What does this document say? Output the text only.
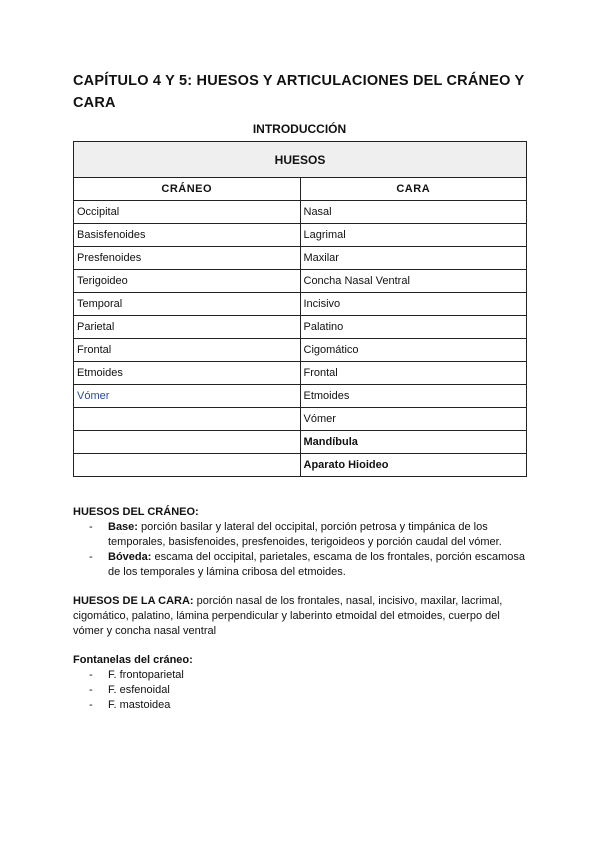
CAPÍTULO 4 Y 5: HUESOS Y ARTICULACIONES DEL CRÁNEO Y CARA
INTRODUCCIÓN
HUESOS	
CRÁNEO	CARA
Occipital	Nasal
Basisfenoides	Lagrimal
Presfenoides	Maxilar
Terigoideo	Concha Nasal Ventral
Temporal	Incisivo
Parietal	Palatino
Frontal	Cigomático
Etmoides	Frontal
Vómer	Etmoides
	Vómer
	Mandíbula
	Aparato Hioideo
HUESOS DEL CRÁNEO:
- Base: porción basilar y lateral del occipital, porción petrosa y timpánica de los temporales, basisfenoides, presfenoides, terigoideos y porción caudal del vómer.
- Bóveda: escama del occipital, parietales, escama de los frontales, porción escamosa de los temporales y lámina cribosa del etmoides.
HUESOS DE LA CARA: porción nasal de los frontales, nasal, incisivo, maxilar, lacrimal, cigomático, palatino, lámina perpendicular y laberinto etmoidal del etmoides, cuerpo del vómer y concha nasal ventral
Fontanelas del cráneo:
- F. frontoparietal
- F. esfenoidal
- F. mastoidea
